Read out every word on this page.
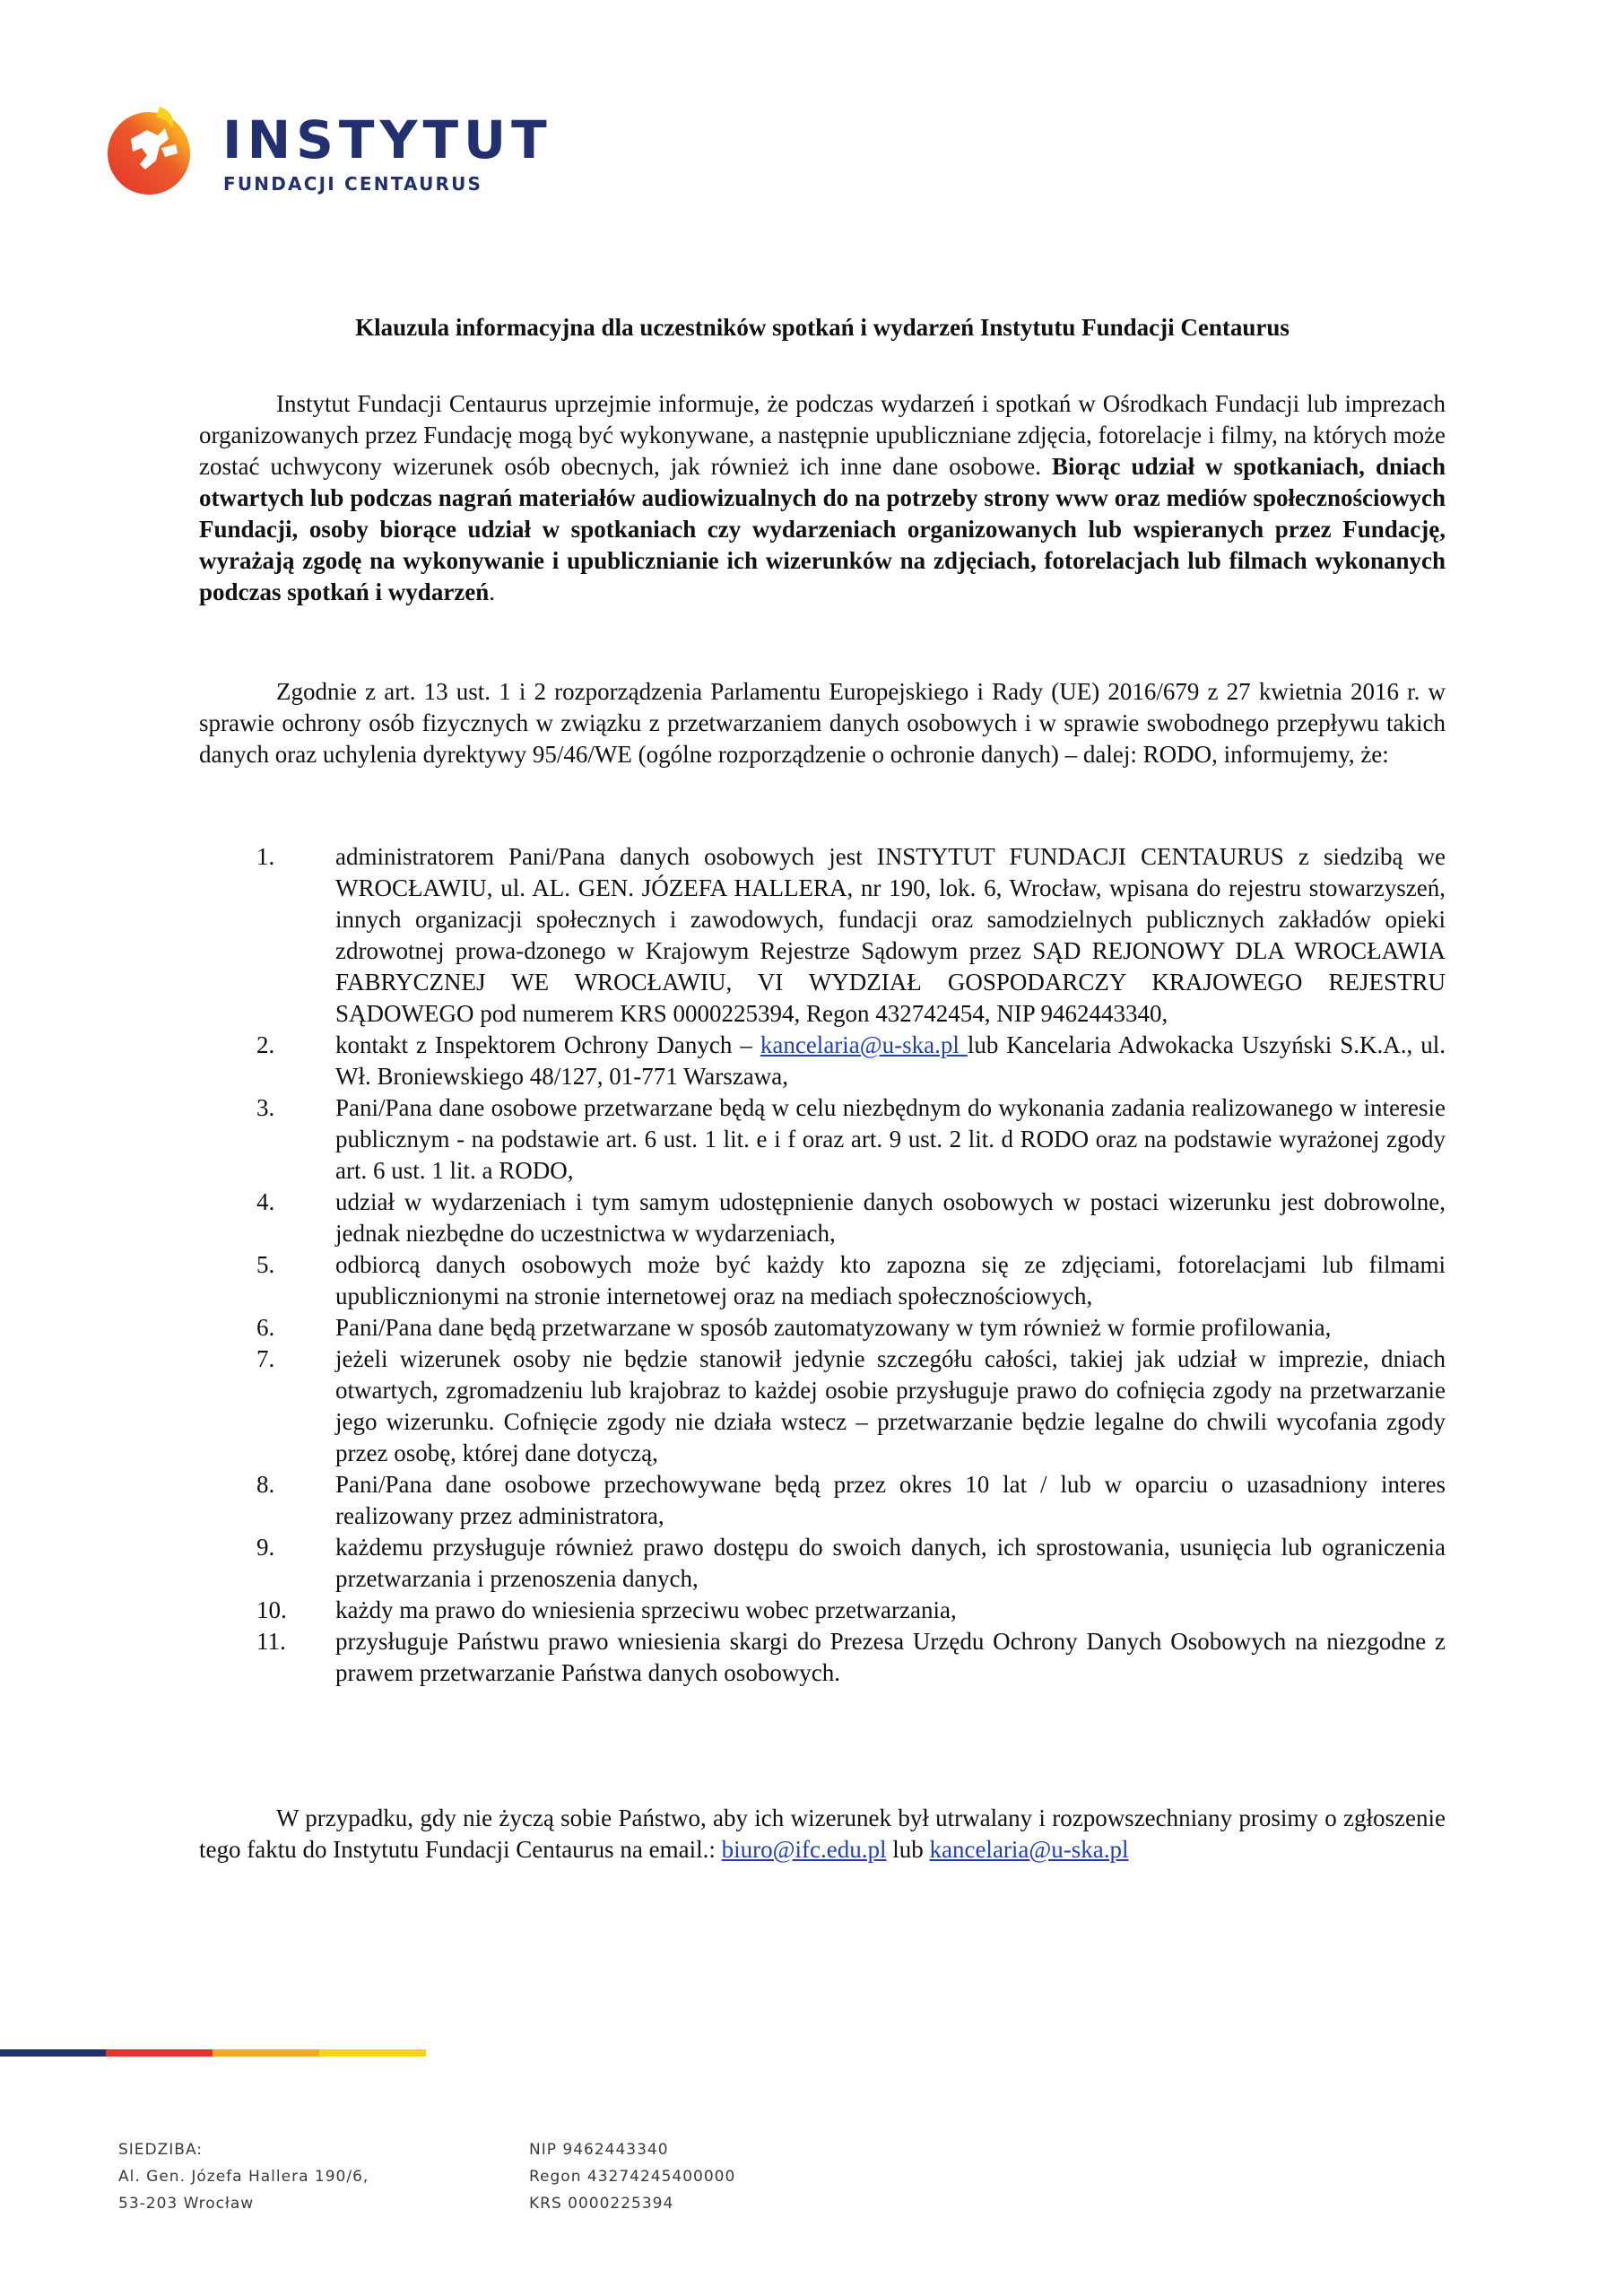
INSTYTUT
FUNDACJI CENTAURUS
Klauzula informacyjna dla uczestników spotkań i wydarzeń Instytutu Fundacji Centaurus

Instytut Fundacji Centaurus uprzejmie informuje, że podczas wydarzeń i spotkań w Ośrodkach Fundacji lub imprezach organizowanych przez Fundację mogą być wykonywane, a następnie upubliczniane zdjęcia, fotorelacje i filmy, na których może zostać uchwycony wizerunek osób obecnych, jak również ich inne dane osobowe. Biorąc udział w spotkaniach, dniach otwartych lub podczas nagrań materiałów audiowizualnych do na potrzeby strony www oraz mediów społecznościowych Fundacji, osoby biorące udział w spotkaniach czy wydarzeniach organizowanych lub wspieranych przez Fundację, wyrażają zgodę na wykonywanie i upublicznianie ich wizerunków na zdjęciach, fotorelacjach lub filmach wykonanych podczas spotkań i wydarzeń.

Zgodnie z art. 13 ust. 1 i 2 rozporządzenia Parlamentu Europejskiego i Rady (UE) 2016/679 z 27 kwietnia 2016 r. w sprawie ochrony osób fizycznych w związku z przetwarzaniem danych osobowych i w sprawie swobodnego przepływu takich danych oraz uchylenia dyrektywy 95/46/WE (ogólne rozporządzenie o ochronie danych) – dalej: RODO, informujemy, że:

1.	administratorem Pani/Pana danych osobowych jest INSTYTUT FUNDACJI CENTAURUS z siedzibą we WROCŁAWIU, ul. AL. GEN. JÓZEFA HALLERA, nr 190, lok. 6, Wrocław, wpisana do rejestru stowarzyszeń, innych organizacji społecznych i zawodowych, fundacji oraz samodzielnych publicznych zakładów opieki zdrowotnej prowa-dzonego w Krajowym Rejestrze Sądowym przez SĄD REJONOWY DLA WROCŁAWIA FABRYCZNEJ WE WROCŁAWIU, VI WYDZIAŁ GOSPODARCZY KRAJOWEGO REJESTRU SĄDOWEGO pod numerem KRS 0000225394, Regon 432742454, NIP 9462443340,
2.	kontakt z Inspektorem Ochrony Danych – kancelaria@u-ska.pl lub Kancelaria Adwokacka Uszyński S.K.A., ul. Wł. Broniewskiego 48/127, 01-771 Warszawa,
3.	Pani/Pana dane osobowe przetwarzane będą w celu niezbędnym do wykonania zadania realizowanego w interesie publicznym - na podstawie art. 6 ust. 1 lit. e i f oraz art. 9 ust. 2 lit. d RODO oraz na podstawie wyrażonej zgody art. 6 ust. 1 lit. a RODO,
4.	udział w wydarzeniach i tym samym udostępnienie danych osobowych w postaci wizerunku jest dobrowolne, jednak niezbędne do uczestnictwa w wydarzeniach,
5.	odbiorcą danych osobowych może być każdy kto zapozna się ze zdjęciami, fotorelacjami lub filmami upublicznionymi na stronie internetowej oraz na mediach społecznościowych,
6.	Pani/Pana dane będą przetwarzane w sposób zautomatyzowany w tym również w formie profilowania,
7.	jeżeli wizerunek osoby nie będzie stanowił jedynie szczegółu całości, takiej jak udział w imprezie, dniach otwartych, zgromadzeniu lub krajobraz to każdej osobie przysługuje prawo do cofnięcia zgody na przetwarzanie jego wizerunku. Cofnięcie zgody nie działa wstecz – przetwarzanie będzie legalne do chwili wycofania zgody przez osobę, której dane dotyczą,
8.	Pani/Pana dane osobowe przechowywane będą przez okres 10 lat / lub w oparciu o uzasadniony interes realizowany przez administratora,
9.	każdemu przysługuje również prawo dostępu do swoich danych, ich sprostowania, usunięcia lub ograniczenia przetwarzania i przenoszenia danych,
10. każdy ma prawo do wniesienia sprzeciwu wobec przetwarzania,
11. przysługuje Państwu prawo wniesienia skargi do Prezesa Urzędu Ochrony Danych Osobowych na niezgodne z prawem przetwarzanie Państwa danych osobowych.

W przypadku, gdy nie życzą sobie Państwo, aby ich wizerunek był utrwalany i rozpowszechniany prosimy o zgłoszenie tego faktu do Instytutu Fundacji Centaurus na email.: biuro@ifc.edu.pl lub kancelaria@u-ska.pl

SIEDZIBA:
Al. Gen. Józefa Hallera 190/6,
53-203 Wrocław
NIP 9462443340
Regon 43274245400000
KRS 0000225394
